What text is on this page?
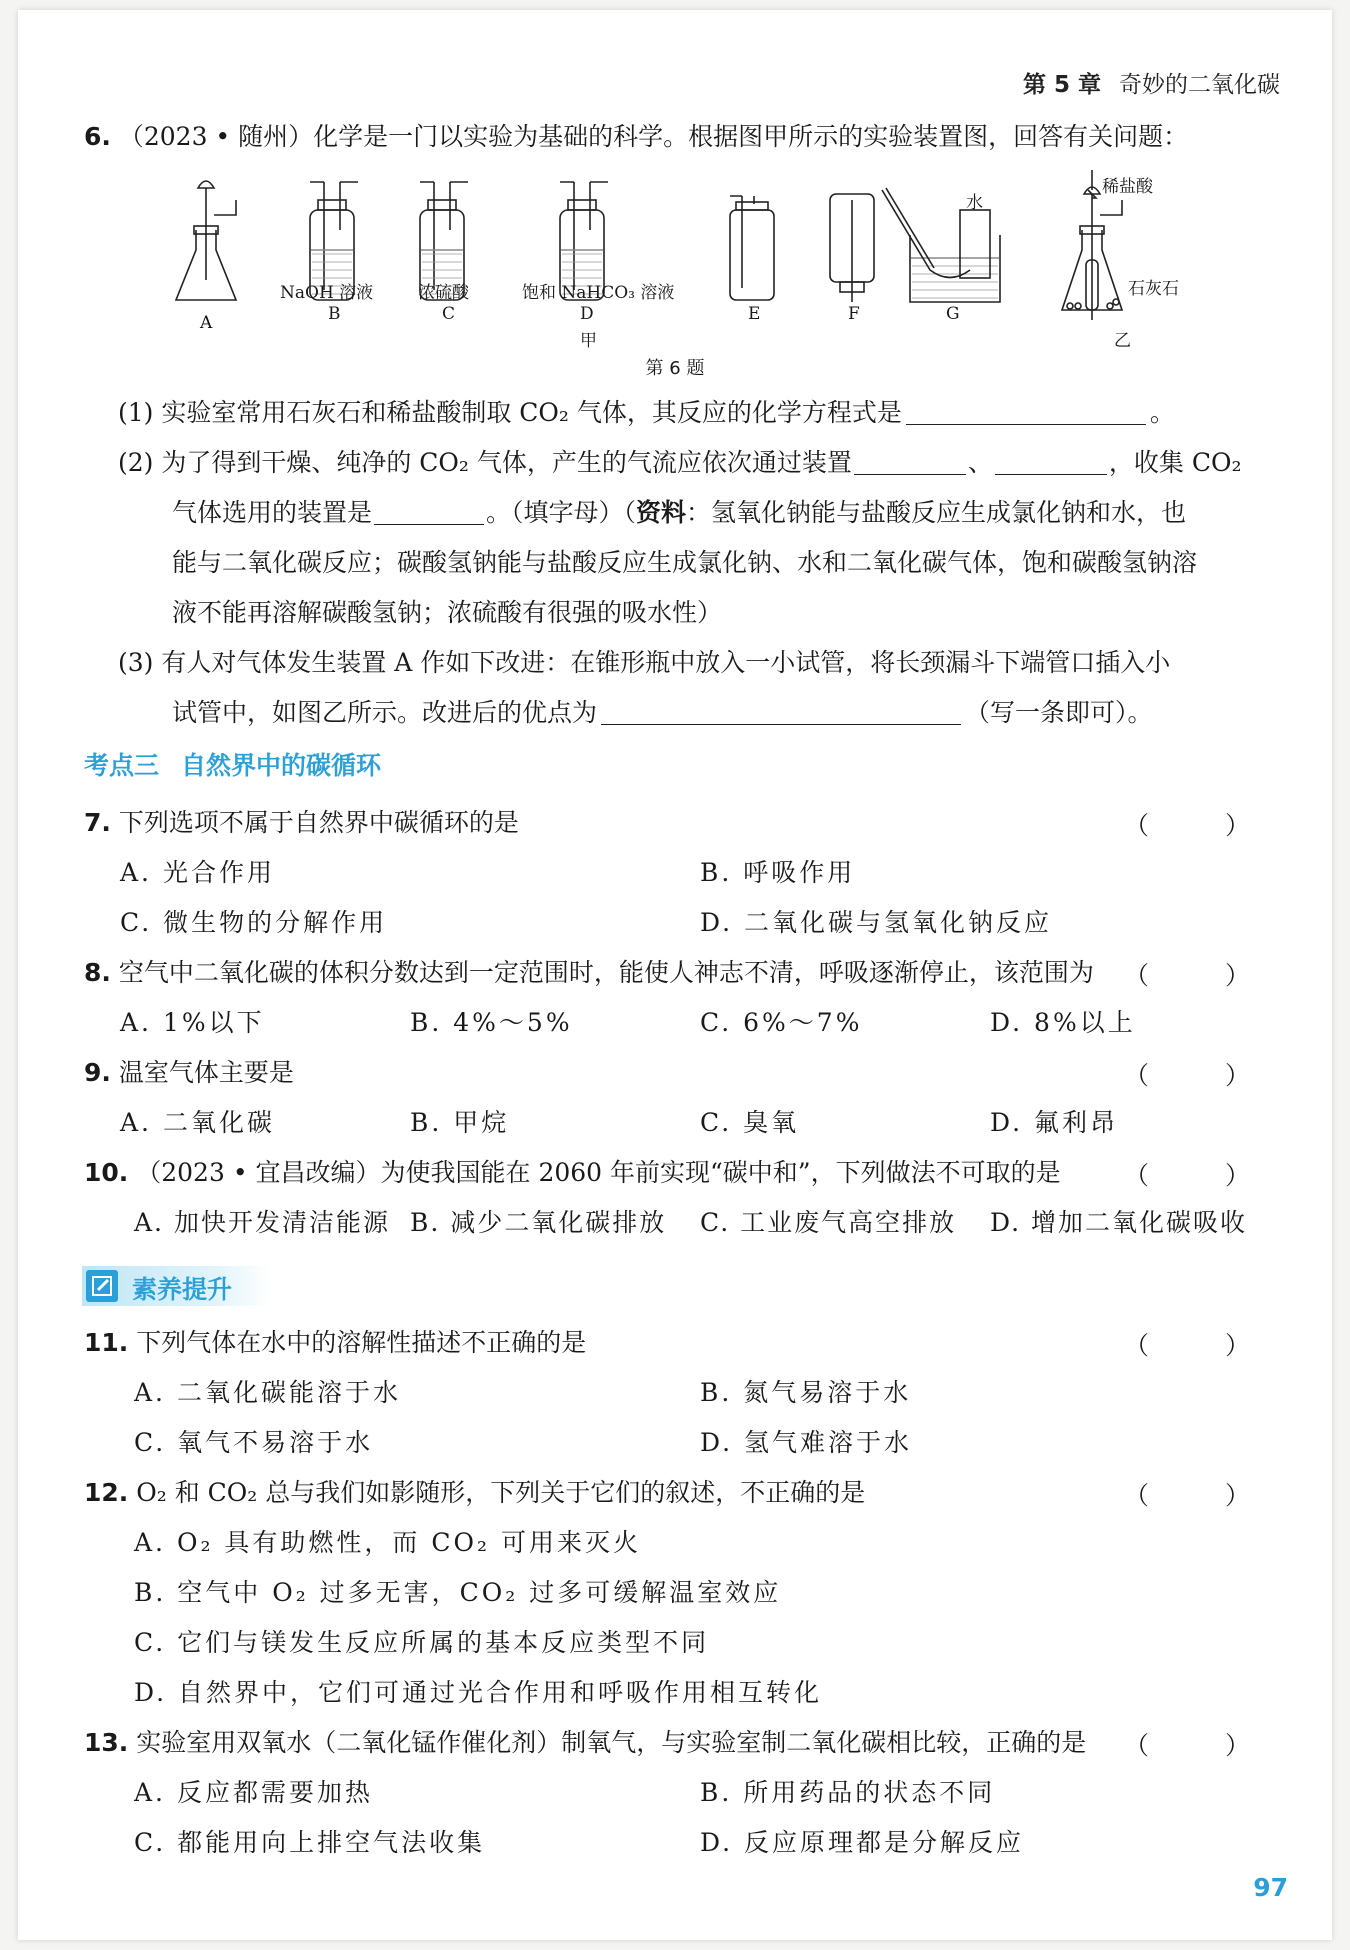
第 5 章 奇妙的二氧化碳
6. （2023 • 随州）化学是一门以实验为基础的科学。根据图甲所示的实验装置图，回答有关问题：
A
NaOH 溶液
B
浓硫酸
C
饱和 NaHCO₃ 溶液
D
甲
E	F
水
G
稀盐酸
石灰石
乙
第 6 题
(1) 实验室常用石灰石和稀盐酸制取 CO₂ 气体，其反应的化学方程式是	。
(2) 为了得到干燥、纯净的 CO₂ 气体，产生的气流应依次通过装置	、	，收集 CO₂
气体选用的装置是	。（填字母）（资料：氢氧化钠能与盐酸反应生成氯化钠和水，也
能与二氧化碳反应；碳酸氢钠能与盐酸反应生成氯化钠、水和二氧化碳气体，饱和碳酸氢钠溶
液不能再溶解碳酸氢钠；浓硫酸有很强的吸水性）
(3) 有人对气体发生装置 A 作如下改进：在锥形瓶中放入一小试管，将长颈漏斗下端管口插入小
试管中，如图乙所示。改进后的优点为	（写一条即可）。
考点三 自然界中的碳循环
7. 下列选项不属于自然界中碳循环的是	（ ）
A. 光合作用	B. 呼吸作用
C. 微生物的分解作用	D. 二氧化碳与氢氧化钠反应
8. 空气中二氧化碳的体积分数达到一定范围时，能使人神志不清，呼吸逐渐停止，该范围为 （ ）
A. 1%以下	B. 4%～5%	C. 6%～7%	D. 8%以上
9. 温室气体主要是	（ ）
A. 二氧化碳	B. 甲烷	C. 臭氧	D. 氟利昂
10. （2023 • 宜昌改编）为使我国能在 2060 年前实现“碳中和”，下列做法不可取的是	（ ）
A. 加快开发清洁能源 B. 减少二氧化碳排放 C. 工业废气高空排放 D. 增加二氧化碳吸收
素养提升
11. 下列气体在水中的溶解性描述不正确的是	（ ）
A. 二氧化碳能溶于水	B. 氮气易溶于水
C. 氧气不易溶于水	D. 氢气难溶于水
12. O₂ 和 CO₂ 总与我们如影随形，下列关于它们的叙述，不正确的是	（ ）
A. O₂ 具有助燃性，而 CO₂ 可用来灭火
B. 空气中 O₂ 过多无害，CO₂ 过多可缓解温室效应
C. 它们与镁发生反应所属的基本反应类型不同
D. 自然界中，它们可通过光合作用和呼吸作用相互转化
13. 实验室用双氧水（二氧化锰作催化剂）制氧气，与实验室制二氧化碳相比较，正确的是 （ ）
A. 反应都需要加热	B. 所用药品的状态不同
C. 都能用向上排空气法收集	D. 反应原理都是分解反应
97
